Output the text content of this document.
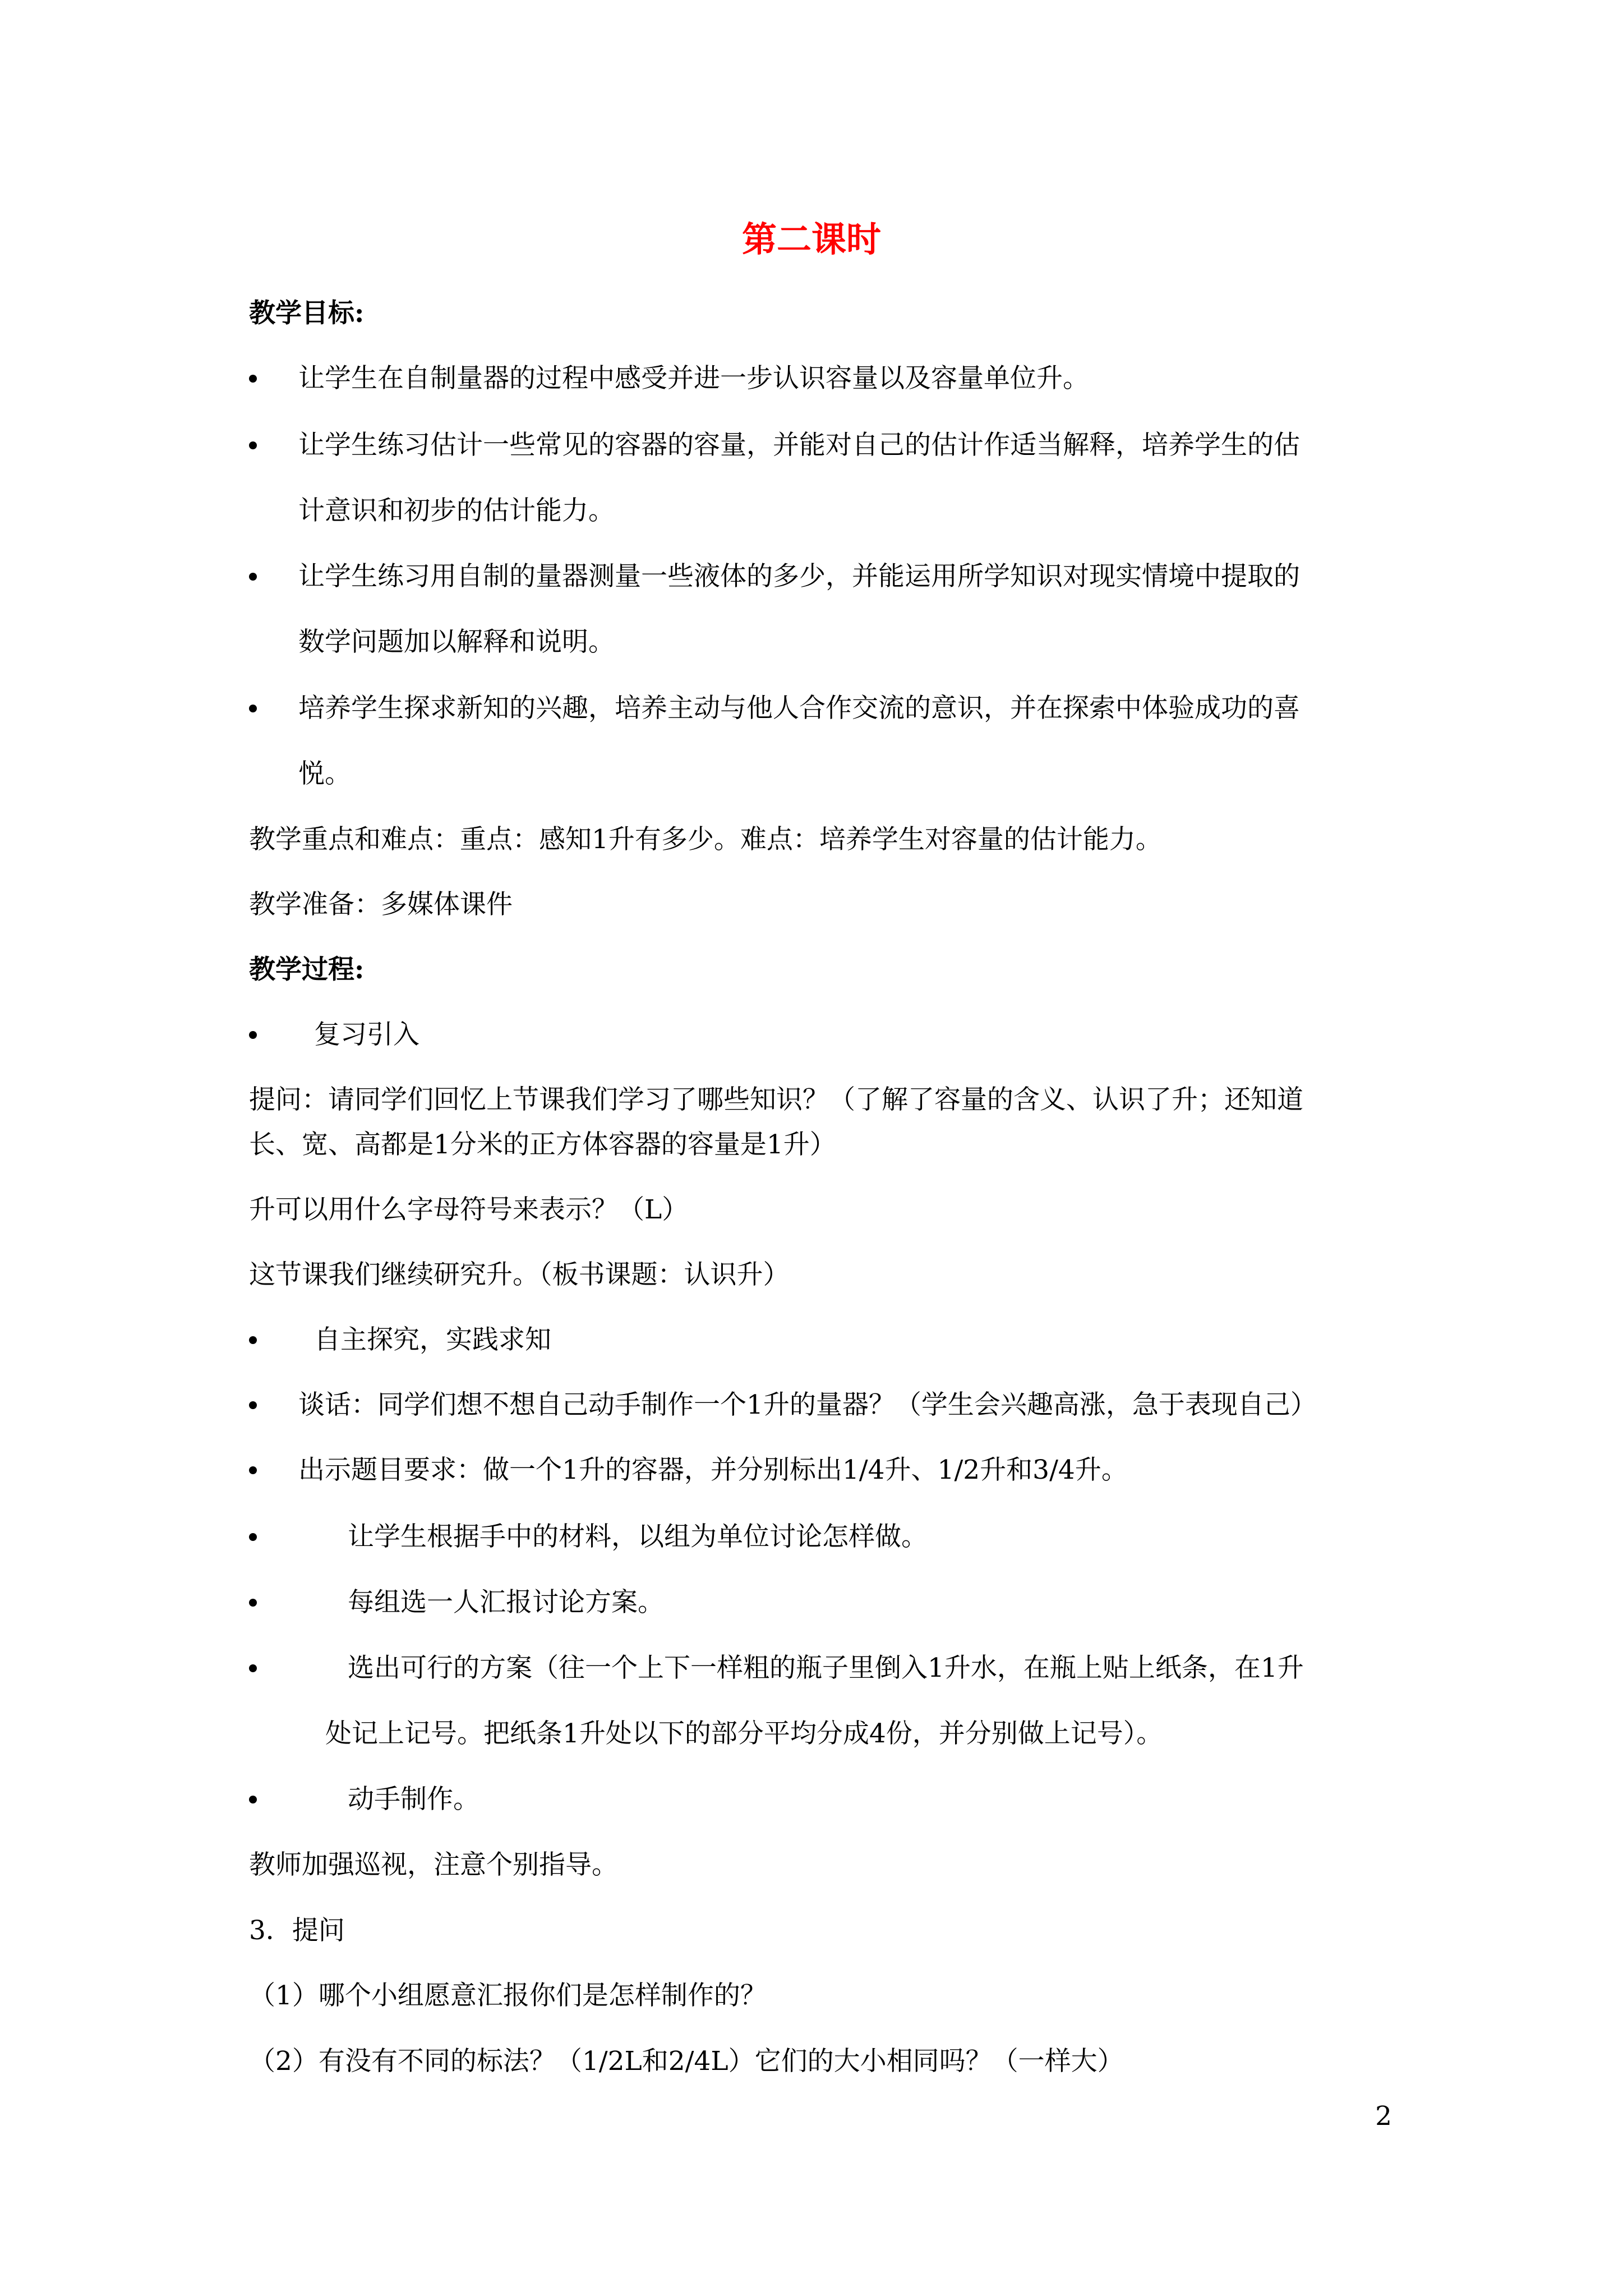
第二课时
教学目标:
让学生在自制量器的过程中感受并进一步认识容量以及容量单位升。
让学生练习估计一些常见的容器的容量，并能对自己的估计作适当解释，培养学生的估
计意识和初步的估计能力。
让学生练习用自制的量器测量一些液体的多少，并能运用所学知识对现实情境中提取的
数学问题加以解释和说明。
培养学生探求新知的兴趣，培养主动与他人合作交流的意识，并在探索中体验成功的喜
悦。
教学重点和难点：重点：感知1升有多少。难点：培养学生对容量的估计能力。
教学准备：多媒体课件
教学过程:
复习引入
提问：请同学们回忆上节课我们学习了哪些知识？（了解了容量的含义、认识了升；还知道
长、宽、高都是1分米的正方体容器的容量是1升）
升可以用什么字母符号来表示？（L）
这节课我们继续研究升。（板书课题：认识升）
自主探究，实践求知
谈话：同学们想不想自己动手制作一个1升的量器？（学生会兴趣高涨，急于表现自己）
出示题目要求：做一个1升的容器，并分别标出1/4升、1/2升和3/4升。
让学生根据手中的材料，以组为单位讨论怎样做。
每组选一人汇报讨论方案。
选出可行的方案（往一个上下一样粗的瓶子里倒入1升水，在瓶上贴上纸条，在1升
处记上记号。把纸条1升处以下的部分平均分成4份，并分别做上记号）。
动手制作。
教师加强巡视，注意个别指导。
3．提问
（1）哪个小组愿意汇报你们是怎样制作的？
（2）有没有不同的标法？（1/2L和2/4L）它们的大小相同吗？（一样大）
2
